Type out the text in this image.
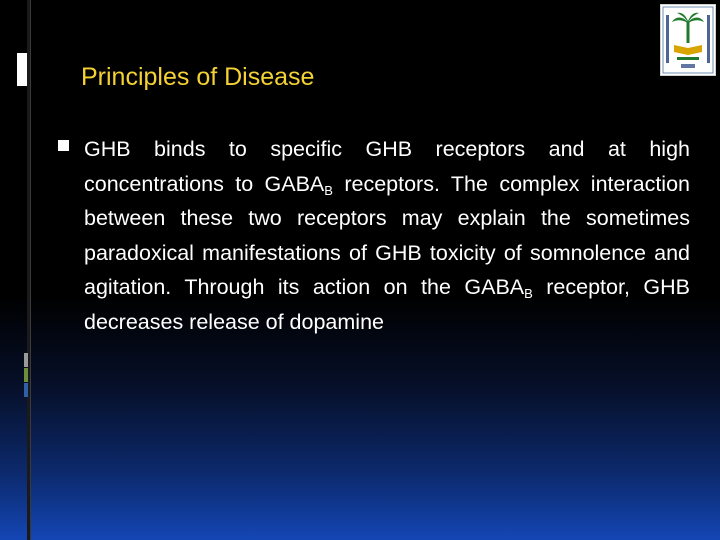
Principles of Disease

GHB binds to specific GHB receptors and at high concentrations to $GABA_B$ receptors. The complex interaction between these two receptors may explain the sometimes paradoxical manifestations of GHB toxicity of somnolence and agitation. Through its action on the $GABA_B$ receptor, GHB decreases release of dopamine
